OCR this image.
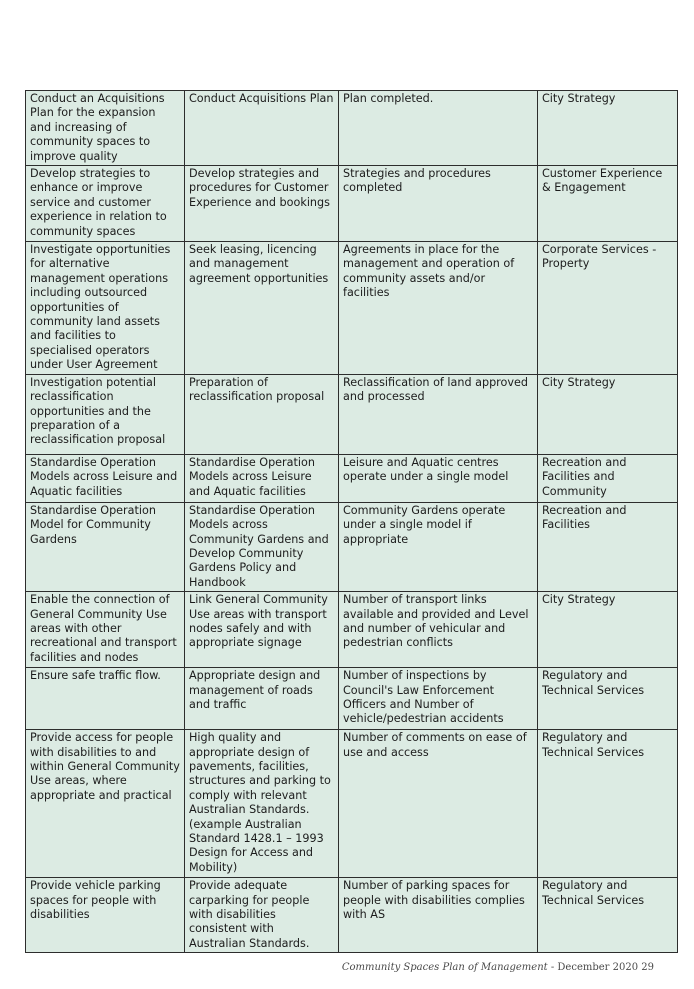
Conduct an Acquisitions Plan for the expansion and increasing of community spaces to improve quality	Conduct Acquisitions Plan	Plan completed.	City Strategy
Develop strategies to enhance or improve service and customer experience in relation to community spaces	Develop strategies and procedures for Customer Experience and bookings	Strategies and procedures completed	Customer Experience & Engagement
Investigate opportunities for alternative management operations including outsourced opportunities of community land assets and facilities to specialised operators under User Agreement	Seek leasing, licencing and management agreement opportunities	Agreements in place for the management and operation of community assets and/or facilities	Corporate Services - Property
Investigation potential reclassification opportunities and the preparation of a reclassification proposal	Preparation of reclassification proposal	Reclassification of land approved and processed	City Strategy
Standardise Operation Models across Leisure and Aquatic facilities	Standardise Operation Models across Leisure and Aquatic facilities	Leisure and Aquatic centres operate under a single model	Recreation and Facilities and Community
Standardise Operation Model for Community Gardens	Standardise Operation Models across Community Gardens and Develop Community Gardens Policy and Handbook	Community Gardens operate under a single model if appropriate	Recreation and Facilities
Enable the connection of General Community Use areas with other recreational and transport facilities and nodes	Link General Community Use areas with transport nodes safely and with appropriate signage	Number of transport links available and provided and Level and number of vehicular and pedestrian conflicts	City Strategy
Ensure safe traffic flow.	Appropriate design and management of roads and traffic	Number of inspections by Council's Law Enforcement Officers and Number of vehicle/pedestrian accidents	Regulatory and Technical Services
Provide access for people with disabilities to and within General Community Use areas, where appropriate and practical	High quality and appropriate design of pavements, facilities, structures and parking to comply with relevant Australian Standards. (example Australian Standard 1428.1 – 1993 Design for Access and Mobility)	Number of comments on ease of use and access	Regulatory and Technical Services
Provide vehicle parking spaces for people with disabilities	Provide adequate carparking for people with disabilities consistent with Australian Standards.	Number of parking spaces for people with disabilities complies with AS	Regulatory and Technical Services
Community Spaces Plan of Management - December 2020 29
